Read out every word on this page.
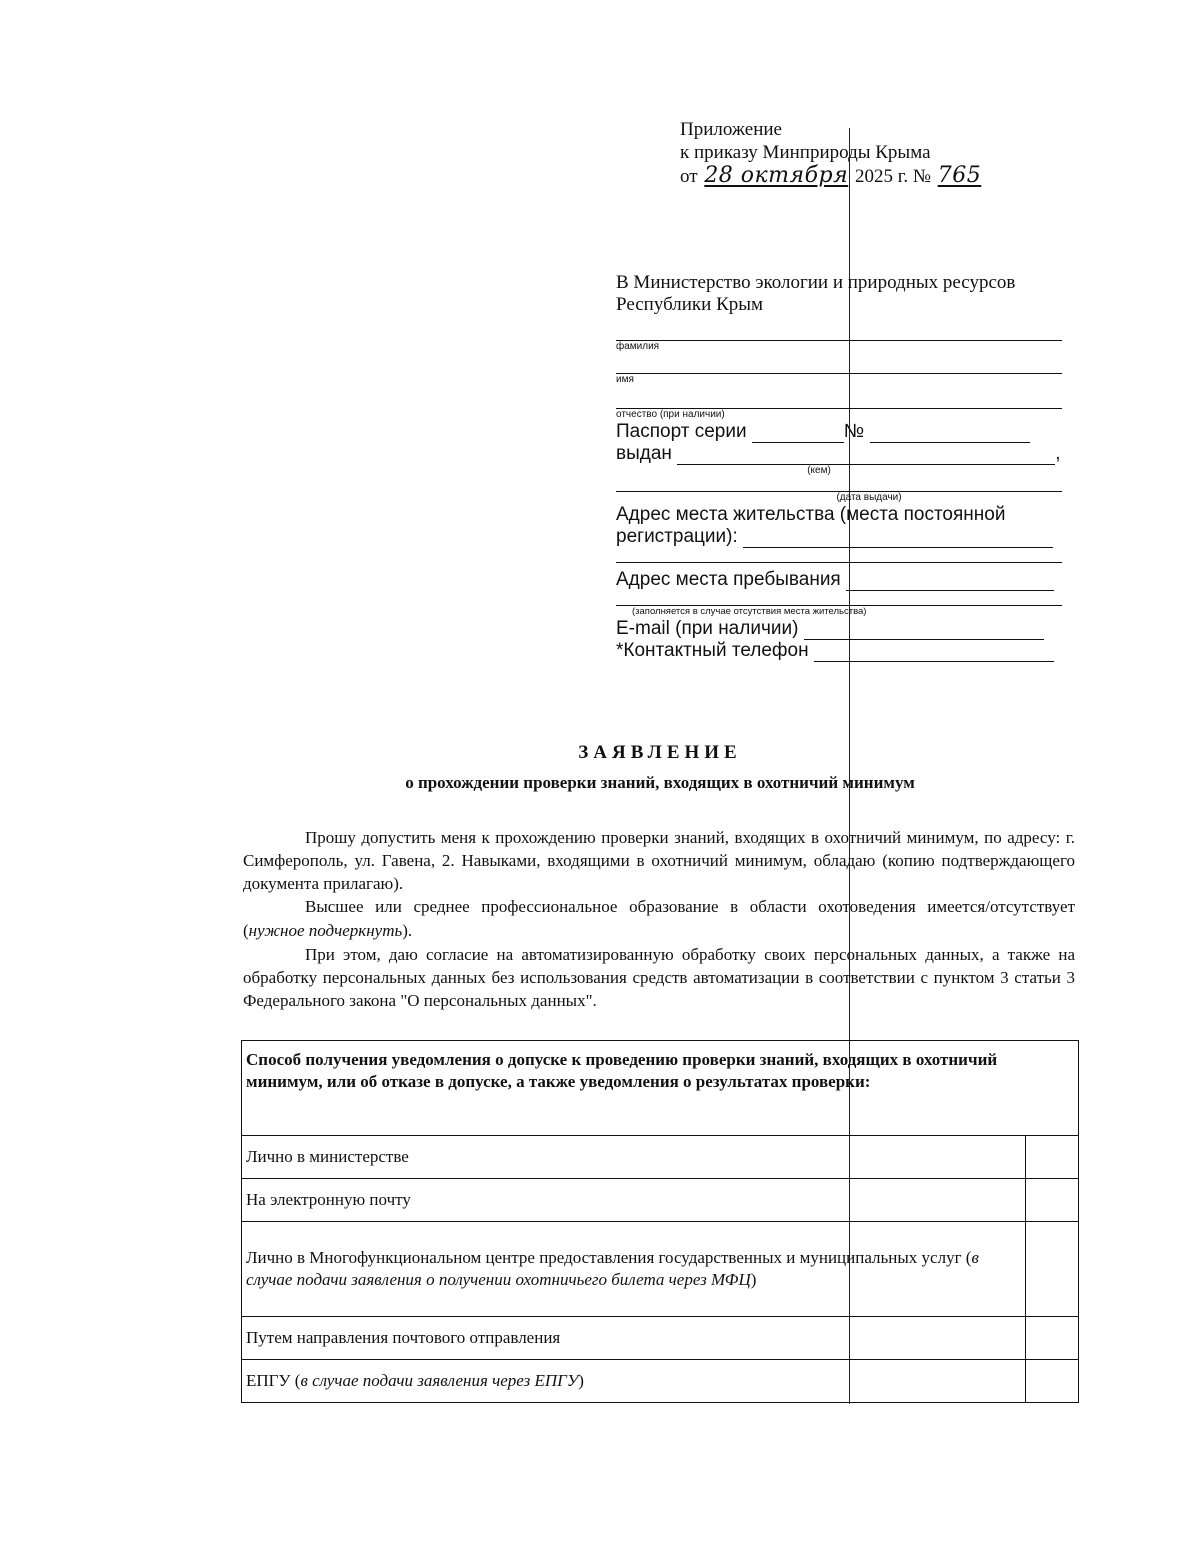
Приложение
к приказу Минприроды Крыма
от 28 октября 2025 г. № 765
В Министерство экологии и природных ресурсов
Республики Крым
фамилия
имя
отчество (при наличии)
Паспорт серии	№
выдан	,
(кем)
(дата выдачи)
Адрес места жительства (места постоянной
регистрации):
Адрес места пребывания
(заполняется в случае отсутствия места жительства)
E-mail (при наличии)
*Контактный телефон
ЗАЯВЛЕНИЕ
о прохождении проверки знаний, входящих в охотничий минимум

Прошу допустить меня к прохождению проверки знаний, входящих в охотничий минимум, по адресу: г. Симферополь, ул. Гавена, 2. Навыками, входящими в охотничий минимум, обладаю (копию подтверждающего документа прилагаю).

Высшее или среднее профессиональное образование в области охотоведения имеется/отсутствует (нужное подчеркнуть).

При этом, даю согласие на автоматизированную обработку своих персональных данных, а также на обработку персональных данных без использования средств автоматизации в соответствии с пунктом 3 статьи 3 Федерального закона "О персональных данных".

Способ получения уведомления о допуске к проведению проверки знаний, входящих в охотничий минимум, или об отказе в допуске, а также уведомления о результатах проверки:	
Лично в министерстве	
На электронную почту	
Лично в Многофункциональном центре предоставления государственных и муниципальных услуг (в случае подачи заявления о получении охотничьего билета через МФЦ)	
Путем направления почтового отправления	
ЕПГУ (в случае подачи заявления через ЕПГУ)	
